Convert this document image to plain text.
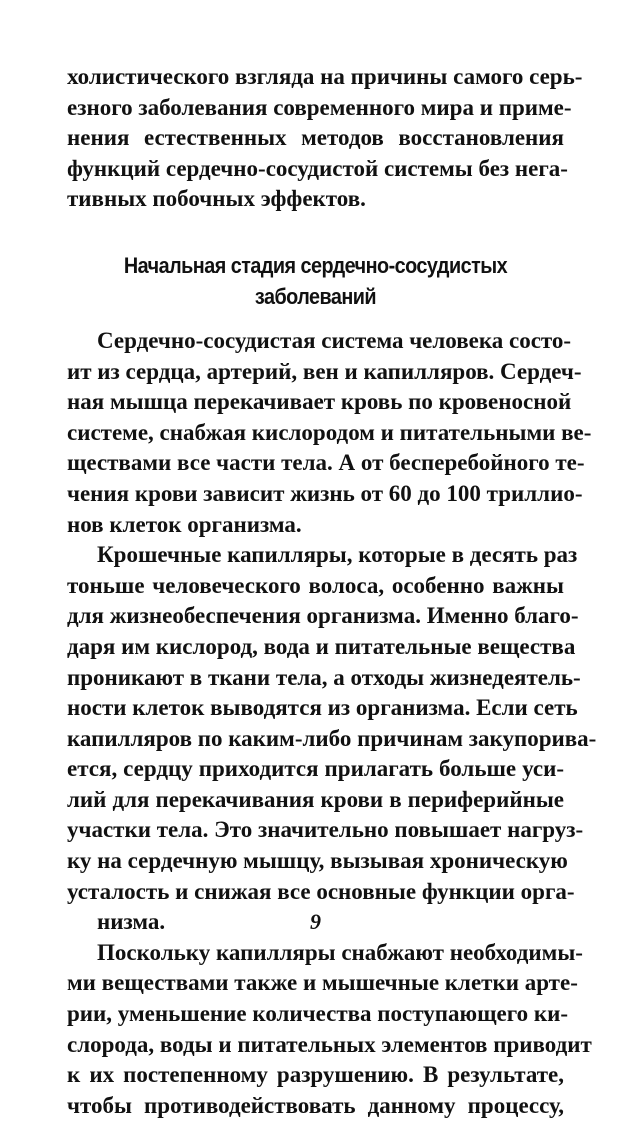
холистического взгляда на причины самого серь-
езного заболевания современного мира и приме-
нения естественных методов восстановления
функций сердечно-сосудистой системы без нега-
тивных побочных эффектов.
Начальная стадия сердечно-сосудистых
заболеваний
Сердечно-сосудистая система человека состо-
ит из сердца, артерий, вен и капилляров. Сердеч-
ная мышца перекачивает кровь по кровеносной
системе, снабжая кислородом и питательными ве-
ществами все части тела. А от бесперебойного те-
чения крови зависит жизнь от 60 до 100 триллио-
нов клеток организма.
Крошечные капилляры, которые в десять раз
тоньше человеческого волоса, особенно важны
для жизнеобеспечения организма. Именно благо-
даря им кислород, вода и питательные вещества
проникают в ткани тела, а отходы жизнедеятель-
ности клеток выводятся из организма. Если сеть
капилляров по каким-либо причинам закупорива-
ется, сердцу приходится прилагать больше уси-
лий для перекачивания крови в периферийные
участки тела. Это значительно повышает нагруз-
ку на сердечную мышцу, вызывая хроническую
усталость и снижая все основные функции орга-
низма.
Поскольку капилляры снабжают необходимы-
ми веществами также и мышечные клетки арте-
рии, уменьшение количества поступающего ки-
слорода, воды и питательных элементов приводит
к их постепенному разрушению. В результате,
чтобы противодействовать данному процессу,
9
